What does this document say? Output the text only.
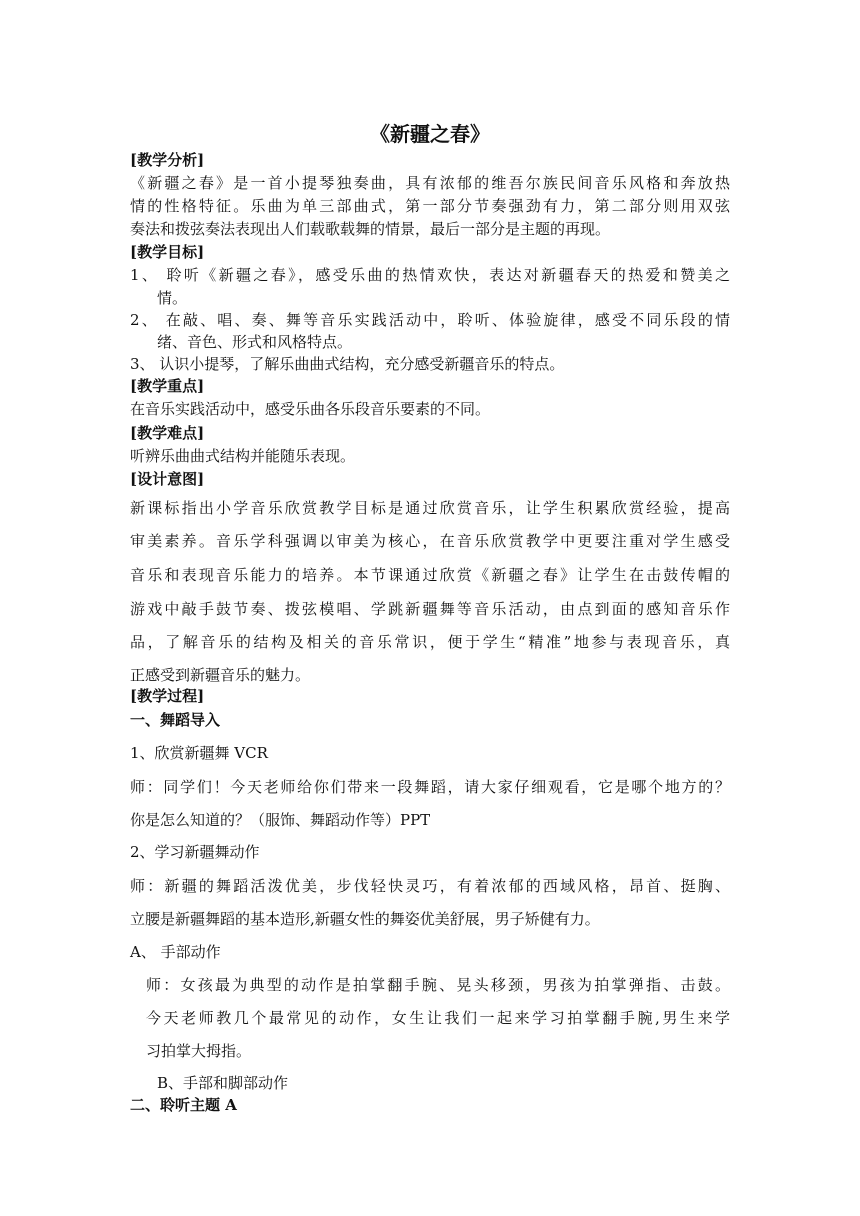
《新疆之春》
[教学分析]
《新疆之春》是一首小提琴独奏曲，具有浓郁的维吾尔族民间音乐风格和奔放热
情的性格特征。乐曲为单三部曲式，第一部分节奏强劲有力，第二部分则用双弦
奏法和拨弦奏法表现出人们载歌载舞的情景，最后一部分是主题的再现。
[教学目标]
1、 聆听《新疆之春》，感受乐曲的热情欢快，表达对新疆春天的热爱和赞美之
情。
2、 在敲、唱、奏、舞等音乐实践活动中，聆听、体验旋律，感受不同乐段的情
绪、音色、形式和风格特点。
3、 认识小提琴，了解乐曲曲式结构，充分感受新疆音乐的特点。
[教学重点]
在音乐实践活动中，感受乐曲各乐段音乐要素的不同。
[教学难点]
听辨乐曲曲式结构并能随乐表现。
[设计意图]
新课标指出小学音乐欣赏教学目标是通过欣赏音乐，让学生积累欣赏经验，提高
审美素养。音乐学科强调以审美为核心，在音乐欣赏教学中更要注重对学生感受
音乐和表现音乐能力的培养。本节课通过欣赏《新疆之春》让学生在击鼓传帽的
游戏中敲手鼓节奏、拨弦模唱、学跳新疆舞等音乐活动，由点到面的感知音乐作
品，了解音乐的结构及相关的音乐常识，便于学生“精准”地参与表现音乐，真
正感受到新疆音乐的魅力。
[教学过程]
一、舞蹈导入
1、欣赏新疆舞 VCR
师：同学们！今天老师给你们带来一段舞蹈，请大家仔细观看，它是哪个地方的？
你是怎么知道的？（服饰、舞蹈动作等）PPT
2、学习新疆舞动作
师：新疆的舞蹈活泼优美，步伐轻快灵巧，有着浓郁的西域风格，昂首、挺胸、
立腰是新疆舞蹈的基本造形,新疆女性的舞姿优美舒展，男子矫健有力。
A、 手部动作
师：女孩最为典型的动作是拍掌翻手腕、晃头移颈，男孩为拍掌弹指、击鼓。
今天老师教几个最常见的动作，女生让我们一起来学习拍掌翻手腕,男生来学
习拍掌大拇指。
B、手部和脚部动作
二、聆听主题 A
